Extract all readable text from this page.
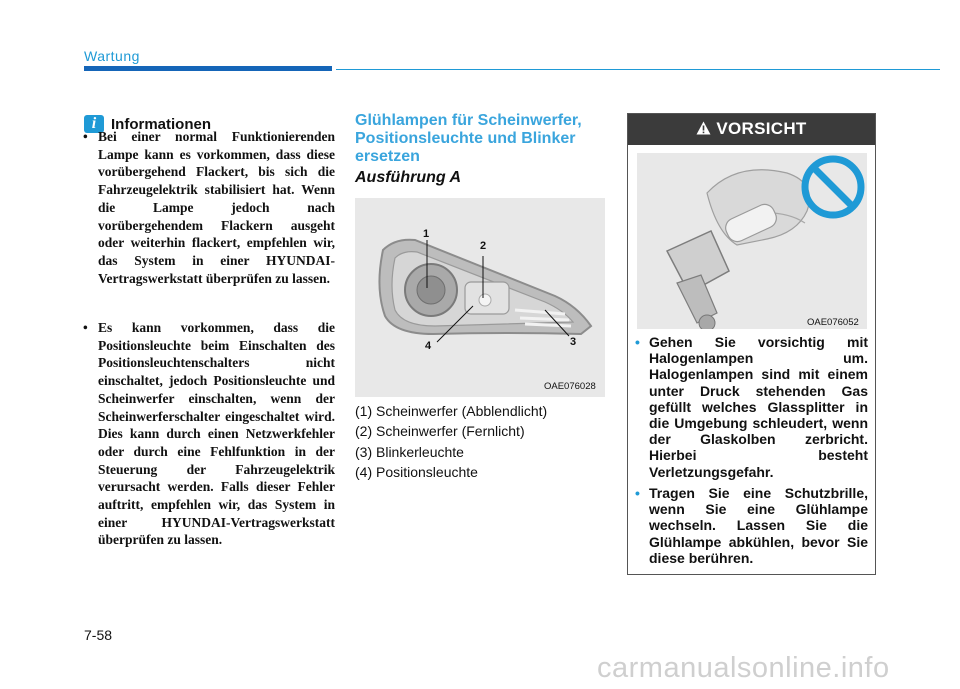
Wartung
i Informationen
• Bei einer normal Funktionierenden Lampe kann es vorkommen, dass diese vorübergehend Flackert, bis sich die Fahrzeugelektrik stabilisiert hat. Wenn die Lampe jedoch nach vorübergehendem Flackern ausgeht oder weiterhin flackert, empfehlen wir, das System in einer HYUNDAI-Vertragswerkstatt überprüfen zu lassen.
• Es kann vorkommen, dass die Positionsleuchte beim Einschalten des Positionsleuchtenschalters nicht einschaltet, jedoch Positionsleuchte und Scheinwerfer einschalten, wenn der Scheinwerferschalter eingeschaltet wird. Dies kann durch einen Netzwerkfehler oder durch eine Fehlfunktion in der Steuerung der Fahrzeugelektrik verursacht werden. Falls dieser Fehler auftritt, empfehlen wir, das System in einer HYUNDAI-Vertragswerkstatt überprüfen zu lassen.
Glühlampen für Scheinwerfer, Positionsleuchte und Blinker ersetzen
Ausführung A
1
2
3
4
OAE076028
(1) Scheinwerfer (Abblendlicht)
(2) Scheinwerfer (Fernlicht)
(3) Blinkerleuchte
(4) Positionsleuchte
VORSICHT
OAE076052
• Gehen Sie vorsichtig mit Halogenlampen um. Halogenlampen sind mit einem unter Druck stehenden Gas gefüllt welches Glassplitter in die Umgebung schleudert, wenn der Glaskolben zerbricht. Hierbei besteht Verletzungsgefahr.
• Tragen Sie eine Schutzbrille, wenn Sie eine Glühlampe wechseln. Lassen Sie die Glühlampe abkühlen, bevor Sie diese berühren.
7-58
carmanualsonline.info
